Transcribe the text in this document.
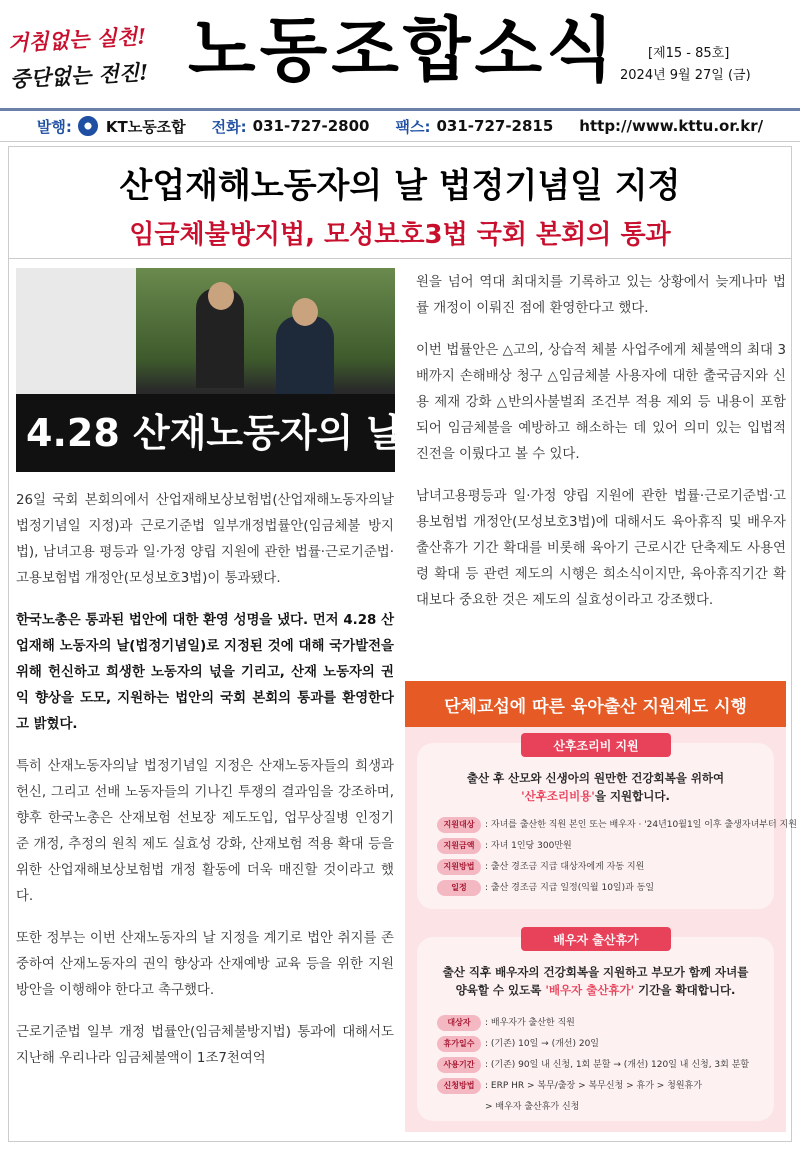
거침없는 실천!
중단없는 전진! 노동조합소식 [제15 - 85호]
2024년 9월 27일 (금)
발행: KT노동조합 전화: 031-727-2800 팩스: 031-727-2815 http://www.kttu.or.kr/
산업재해노동자의 날 법정기념일 지정
임금체불방지법, 모성보호3법 국회 본회의 통과
4.28 산재노동자의 날 추

26일 국회 본회의에서 산업재해보상보험법(산업재해노동자의날 법정기념일 지정)과 근로기준법 일부개정법률안(임금체불 방지법), 남녀고용 평등과 일·가정 양립 지원에 관한 법률·근로기준법·고용보험법 개정안(모성보호3법)이 통과됐다.

한국노총은 통과된 법안에 대한 환영 성명을 냈다. 먼저 4.28 산업재해 노동자의 날(법정기념일)로 지정된 것에 대해 국가발전을 위해 헌신하고 희생한 노동자의 넋을 기리고, 산재 노동자의 권익 향상을 도모, 지원하는 법안의 국회 본회의 통과를 환영한다고 밝혔다.

특히 산재노동자의날 법정기념일 지정은 산재노동자들의 희생과 헌신, 그리고 선배 노동자들의 기나긴 투쟁의 결과임을 강조하며, 향후 한국노총은 산재보험 선보장 제도도입, 업무상질병 인정기준 개정, 추정의 원칙 제도 실효성 강화, 산재보험 적용 확대 등을 위한 산업재해보상보험법 개정 활동에 더욱 매진할 것이라고 했다.

또한 정부는 이번 산재노동자의 날 지정을 계기로 법안 취지를 존중하여 산재노동자의 권익 향상과 산재예방 교육 등을 위한 지원방안을 이행해야 한다고 촉구했다.

근로기준법 일부 개정 법률안(임금체불방지법) 통과에 대해서도 지난해 우리나라 임금체불액이 1조7천여억

원을 넘어 역대 최대치를 기록하고 있는 상황에서 늦게나마 법률 개정이 이뤄진 점에 환영한다고 했다.

이번 법률안은 △고의, 상습적 체불 사업주에게 체불액의 최대 3배까지 손해배상 청구 △임금체불 사용자에 대한 출국금지와 신용 제재 강화 △반의사불벌죄 조건부 적용 제외 등 내용이 포함되어 임금체불을 예방하고 해소하는 데 있어 의미 있는 입법적 진전을 이뤘다고 볼 수 있다.

남녀고용평등과 일·가정 양립 지원에 관한 법률·근로기준법·고용보험법 개정안(모성보호3법)에 대해서도 육아휴직 및 배우자 출산휴가 기간 확대를 비롯해 육아기 근로시간 단축제도 사용연령 확대 등 관련 제도의 시행은 희소식이지만, 육아휴직기간 확대보다 중요한 것은 제도의 실효성이라고 강조했다.

단체교섭에 따른 육아출산 지원제도 시행
산후조리비 지원
출산 후 산모와 신생아의 원만한 건강회복을 위하여
'산후조리비용'을 지원합니다.
지원대상	: 자녀를 출산한 직원 본인 또는 배우자 · '24년10월1일 이후 출생자녀부터 지원
지원금액	: 자녀 1인당 300만원
지원방법	: 출산 경조금 지급 대상자에게 자동 지원
일정	: 출산 경조금 지급 일정(익월 10일)과 동일
배우자 출산휴가
출산 직후 배우자의 건강회복을 지원하고 부모가 함께 자녀를
양육할 수 있도록 '배우자 출산휴가' 기간을 확대합니다.
대상자	: 배우자가 출산한 직원
휴가일수	: (기존) 10일 → (개선) 20일
사용기간	: (기존) 90일 내 신청, 1회 분할 → (개선) 120일 내 신청, 3회 분할
신청방법	: ERP HR > 복무/출장 > 복무신청 > 휴가 > 청원휴가
> 배우자 출산휴가 신청
